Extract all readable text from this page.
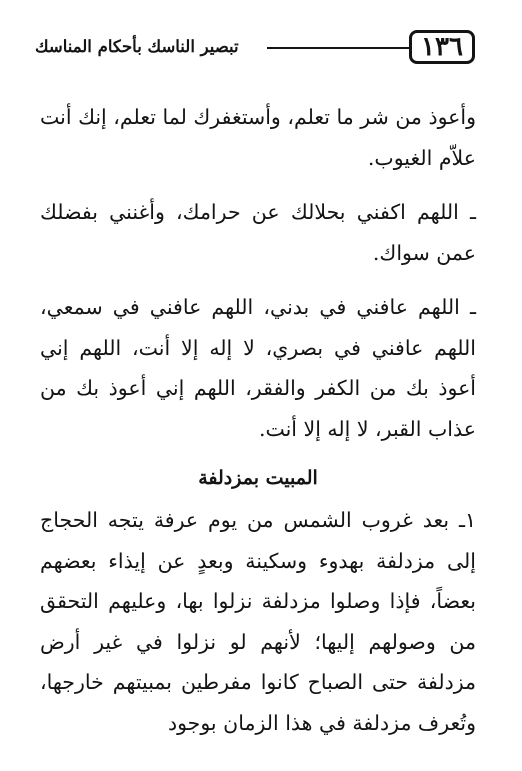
١٣٦
تبصير الناسك بأحكام المناسك

وأعوذ من شر ما تعلم، وأستغفرك لما تعلم، إنك أنت علاّم الغيوب.

ـ اللهم اكفني بحلالك عن حرامك، وأغنني بفضلك عمن سواك.

ـ اللهم عافني في بدني، اللهم عافني في سمعي، اللهم عافني في بصري، لا إله إلا أنت، اللهم إني أعوذ بك من الكفر والفقر، اللهم إني أعوذ بك من عذاب القبر، لا إله إلا أنت.

المبيت بمزدلفة

١ـ بعد غروب الشمس من يوم عرفة يتجه الحجاج إلى مزدلفة بهدوء وسكينة وبعدٍ عن إيذاء بعضهم بعضاً، فإذا وصلوا مزدلفة نزلوا بها، وعليهم التحقق من وصولهم إليها؛ لأنهم لو نزلوا في غير أرض مزدلفة حتى الصباح كانوا مفرطين بمبيتهم خارجها، وتُعرف مزدلفة في هذا الزمان بوجود
